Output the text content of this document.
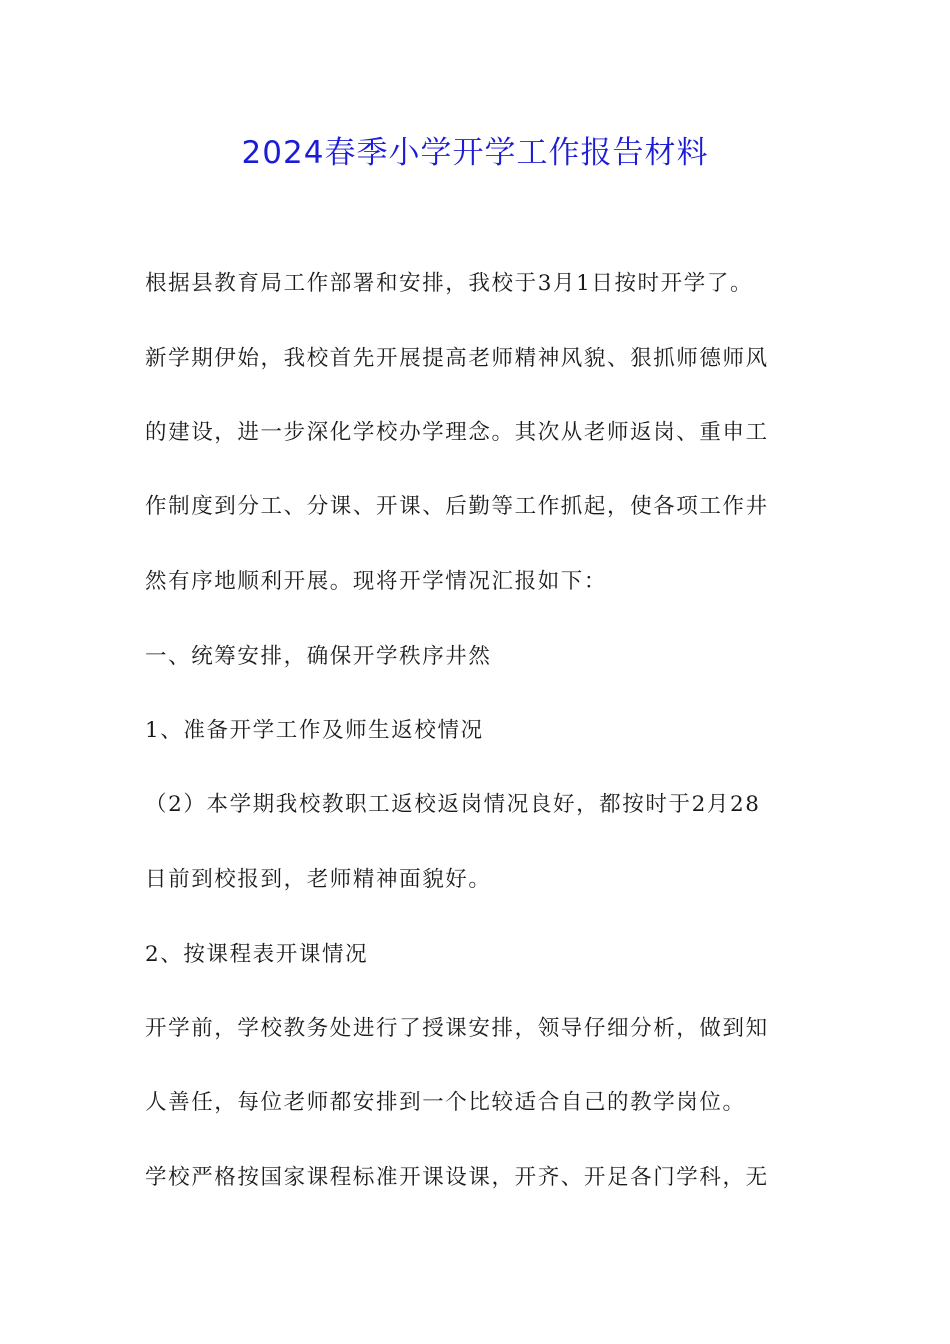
2024春季小学开学工作报告材料
根据县教育局工作部署和安排，我校于3月1日按时开学了。
新学期伊始，我校首先开展提高老师精神风貌、狠抓师德师风
的建设，进一步深化学校办学理念。其次从老师返岗、重申工
作制度到分工、分课、开课、后勤等工作抓起，使各项工作井
然有序地顺利开展。现将开学情况汇报如下：
一、统筹安排，确保开学秩序井然
1、准备开学工作及师生返校情况
（2）本学期我校教职工返校返岗情况良好，都按时于2月28
日前到校报到，老师精神面貌好。
2、按课程表开课情况
开学前，学校教务处进行了授课安排，领导仔细分析，做到知
人善任，每位老师都安排到一个比较适合自己的教学岗位。
学校严格按国家课程标准开课设课，开齐、开足各门学科，无
